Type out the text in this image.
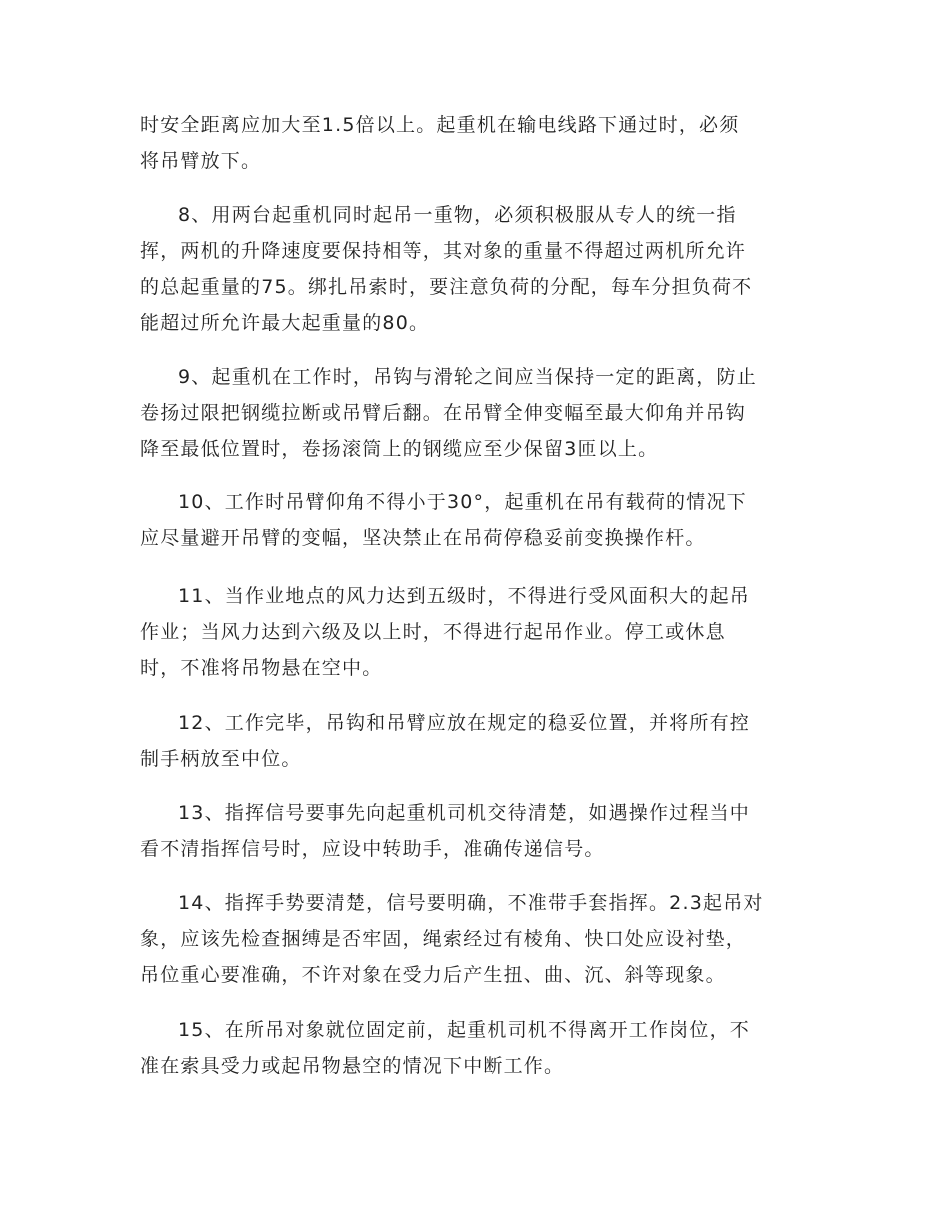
时安全距离应加大至1.5倍以上。起重机在输电线路下通过时，必须
将吊臂放下。

8、用两台起重机同时起吊一重物，必须积极服从专人的统一指
挥，两机的升降速度要保持相等，其对象的重量不得超过两机所允许
的总起重量的75。绑扎吊索时，要注意负荷的分配，每车分担负荷不
能超过所允许最大起重量的80。

9、起重机在工作时，吊钩与滑轮之间应当保持一定的距离，防止
卷扬过限把钢缆拉断或吊臂后翻。在吊臂全伸变幅至最大仰角并吊钩
降至最低位置时，卷扬滚筒上的钢缆应至少保留3匝以上。

10、工作时吊臂仰角不得小于30°，起重机在吊有载荷的情况下
应尽量避开吊臂的变幅，坚决禁止在吊荷停稳妥前变换操作杆。

11、当作业地点的风力达到五级时，不得进行受风面积大的起吊
作业；当风力达到六级及以上时，不得进行起吊作业。停工或休息
时，不准将吊物悬在空中。

12、工作完毕，吊钩和吊臂应放在规定的稳妥位置，并将所有控
制手柄放至中位。

13、指挥信号要事先向起重机司机交待清楚，如遇操作过程当中
看不清指挥信号时，应设中转助手，准确传递信号。

14、指挥手势要清楚，信号要明确，不准带手套指挥。2.3起吊对
象，应该先检查捆缚是否牢固，绳索经过有棱角、快口处应设衬垫，
吊位重心要准确，不许对象在受力后产生扭、曲、沉、斜等现象。

15、在所吊对象就位固定前，起重机司机不得离开工作岗位，不
准在索具受力或起吊物悬空的情况下中断工作。
